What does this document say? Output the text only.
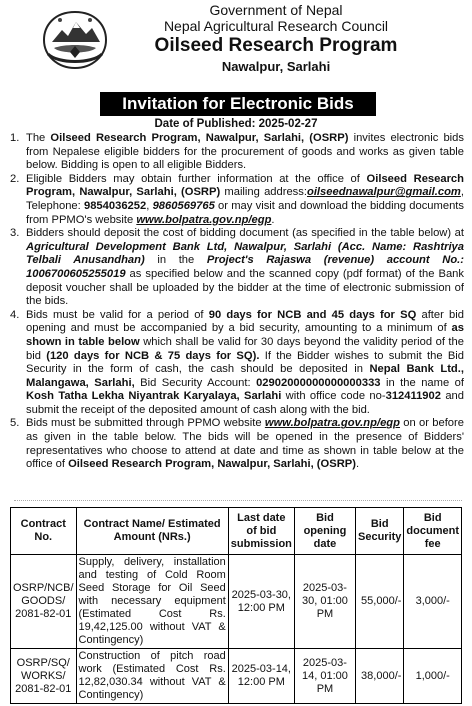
Government of Nepal
Nepal Agricultural Research Council
Oilseed Research Program
Nawalpur, Sarlahi
Invitation for Electronic Bids
Date of Published: 2025-02-27
1. The Oilseed Research Program, Nawalpur, Sarlahi, (OSRP) invites electronic bids from Nepalese eligible bidders for the procurement of goods and works as given table below. Bidding is open to all eligible Bidders.
2. Eligible Bidders may obtain further information at the office of Oilseed Research Program, Nawalpur, Sarlahi, (OSRP) mailing address:oilseednawalpur@gmail.com, Telephone: 9854036252, 9860569765 or may visit and download the bidding documents from PPMO's website www.bolpatra.gov.np/egp.
3. Bidders should deposit the cost of bidding document (as specified in the table below) at Agricultural Development Bank Ltd, Nawalpur, Sarlahi (Acc. Name: Rashtriya Telbali Anusandhan) in the Project's Rajaswa (revenue) account No.: 1006700605255019 as specified below and the scanned copy (pdf format) of the Bank deposit voucher shall be uploaded by the bidder at the time of electronic submission of the bids.
4. Bids must be valid for a period of 90 days for NCB and 45 days for SQ after bid opening and must be accompanied by a bid security, amounting to a minimum of as shown in table below which shall be valid for 30 days beyond the validity period of the bid (120 days for NCB & 75 days for SQ). If the Bidder wishes to submit the Bid Security in the form of cash, the cash should be deposited in Nepal Bank Ltd., Malangawa, Sarlahi, Bid Security Account: 02902000000000000333 in the name of Kosh Tatha Lekha Niyantrak Karyalaya, Sarlahi with office code no-312411902 and submit the receipt of the deposited amount of cash along with the bid.
5. Bids must be submitted through PPMO website www.bolpatra.gov.np/egp on or before as given in the table below. The bids will be opened in the presence of Bidders' representatives who choose to attend at date and time as shown in table below at the office of Oilseed Research Program, Nawalpur, Sarlahi, (OSRP).
Contract No.	Contract Name/ Estimated Amount (NRs.)	Last date of bid submission	Bid opening date	Bid Security	Bid document fee
OSRP/NCB/ GOODS/ 2081-82-01	Supply, delivery, installation and testing of Cold Room Seed Storage for Oil Seed with necessary equipment (Estimated Cost Rs. 19,42,125.00 without VAT & Contingency)	2025-03-30, 12:00 PM	2025-03-30, 01:00 PM	55,000/-	3,000/-
OSRP/SQ/ WORKS/ 2081-82-01	Construction of pitch road work (Estimated Cost Rs. 12,82,030.34 without VAT & Contingency)	2025-03-14, 12:00 PM	2025-03-14, 01:00 PM	38,000/-	1,000/-
